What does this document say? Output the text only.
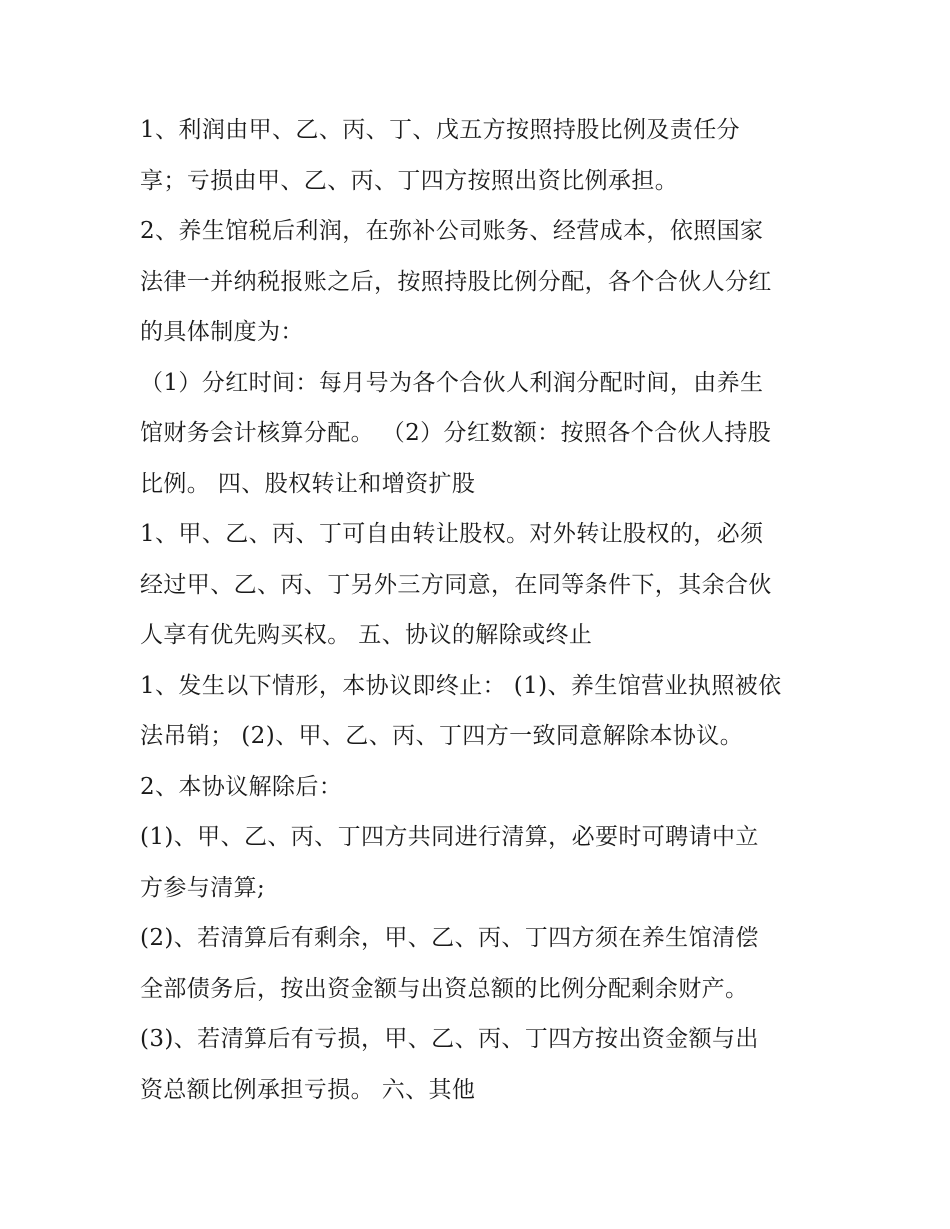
1、利润由甲、乙、丙、丁、戊五方按照持股比例及责任分
享；亏损由甲、乙、丙、丁四方按照出资比例承担。
2、养生馆税后利润，在弥补公司账务、经营成本，依照国家
法律一并纳税报账之后，按照持股比例分配，各个合伙人分红
的具体制度为：
（1）分红时间：每月号为各个合伙人利润分配时间，由养生
馆财务会计核算分配。 （2）分红数额：按照各个合伙人持股
比例。 四、股权转让和增资扩股
1、甲、乙、丙、丁可自由转让股权。对外转让股权的，必须
经过甲、乙、丙、丁另外三方同意，在同等条件下，其余合伙
人享有优先购买权。 五、协议的解除或终止
1、发生以下情形，本协议即终止： (1)、养生馆营业执照被依
法吊销； (2)、甲、乙、丙、丁四方一致同意解除本协议。
2、本协议解除后：
(1)、甲、乙、丙、丁四方共同进行清算，必要时可聘请中立
方参与清算;
(2)、若清算后有剩余，甲、乙、丙、丁四方须在养生馆清偿
全部债务后，按出资金额与出资总额的比例分配剩余财产。
(3)、若清算后有亏损，甲、乙、丙、丁四方按出资金额与出
资总额比例承担亏损。 六、其他
